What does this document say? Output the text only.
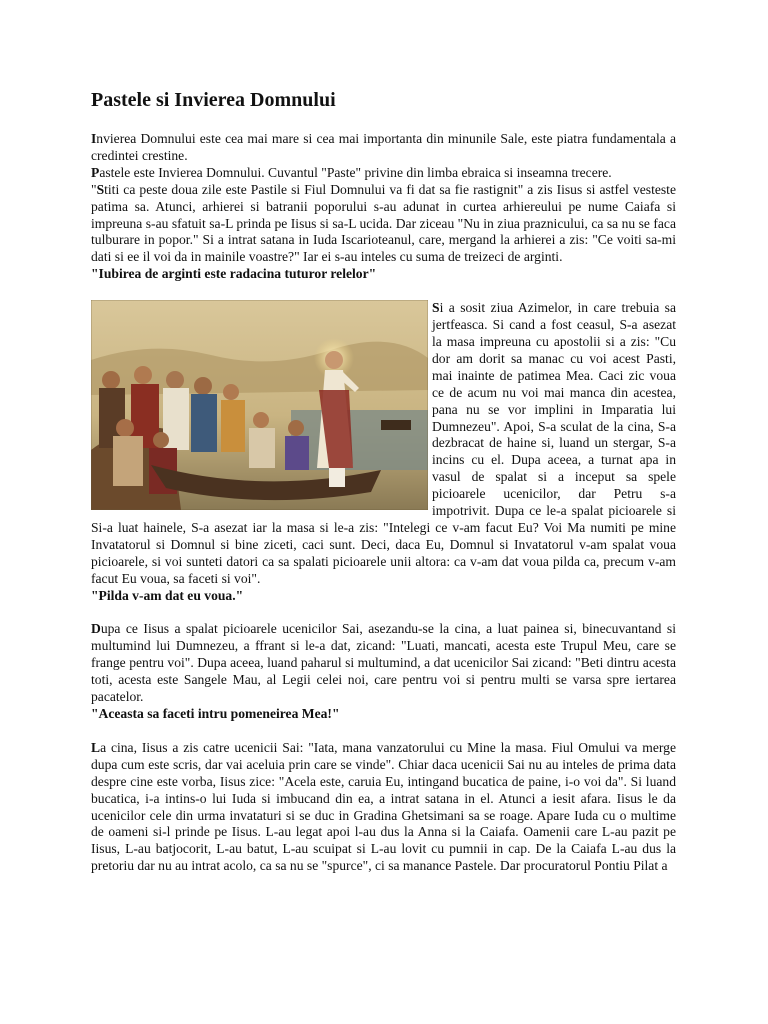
Pastele si Invierea Domnului

Invierea Domnului este cea mai mare si cea mai importanta din minunile Sale, este piatra fundamentala a credintei crestine.

Pastele este Invierea Domnului. Cuvantul "Paste" privine din limba ebraica si inseamna trecere.

"Stiti ca peste doua zile este Pastile si Fiul Domnului va fi dat sa fie rastignit" a zis Iisus si astfel vesteste patima sa. Atunci, arhierei si batranii poporului s-au adunat in curtea arhiereului pe nume Caiafa si impreuna s-au sfatuit sa-L prinda pe Iisus si sa-L ucida. Dar ziceau "Nu in ziua praznicului, ca sa nu se faca tulburare in popor." Si a intrat satana in Iuda Iscarioteanul, care, mergand la arhierei a zis: "Ce voiti sa-mi dati si ee il voi da in mainile voastre?" Iar ei s-au inteles cu suma de treizeci de arginti.

"Iubirea de arginti este radacina tuturor relelor"

Si a sosit ziua Azimelor, in care trebuia sa jertfeasca. Si cand a fost ceasul, S-a asezat la masa impreuna cu apostolii si a zis: "Cu dor am dorit sa manac cu voi acest Pasti, mai inainte de patimea Mea. Caci zic voua ce de acum nu voi mai manca din acestea, pana nu se vor implini in Imparatia lui Dumnezeu". Apoi, S-a sculat de la cina, S-a dezbracat de haine si, luand un stergar, S-a incins cu el. Dupa aceea, a turnat apa in vasul de spalat si a inceput sa spele picioarele ucenicilor, dar Petru s-a impotrivit. Dupa ce le-a spalat picioarele si Si-a luat hainele, S-a asezat iar la masa si le-a zis: "Intelegi ce v-am facut Eu? Voi Ma numiti pe mine Invatatorul si Domnul si bine ziceti, caci sunt. Deci, daca Eu, Domnul si Invatatorul v-am spalat voua picioarele, si voi sunteti datori ca sa spalati picioarele unii altora: ca v-am dat voua pilda ca, precum v-am facut Eu voua, sa faceti si voi".

"Pilda v-am dat eu voua."

Dupa ce Iisus a spalat picioarele ucenicilor Sai, asezandu-se la cina, a luat painea si, binecuvantand si multumind lui Dumnezeu, a ffrant si le-a dat, zicand: "Luati, mancati, acesta este Trupul Meu, care se frange pentru voi". Dupa aceea, luand paharul si multumind, a dat ucenicilor Sai zicand: "Beti dintru acesta toti, acesta este Sangele Mau, al Legii celei noi, care pentru voi si pentru multi se varsa spre iertarea pacatelor.

"Aceasta sa faceti intru pomeneirea Mea!"

La cina, Iisus a zis catre ucenicii Sai: "Iata, mana vanzatorului cu Mine la masa. Fiul Omului va merge dupa cum este scris, dar vai aceluia prin care se vinde". Chiar daca ucenicii Sai nu au inteles de prima data despre cine este vorba, Iisus zice: "Acela este, caruia Eu, intingand bucatica de paine, i-o voi da". Si luand bucatica, i-a intins-o lui Iuda si imbucand din ea, a intrat satana in el. Atunci a iesit afara. Iisus le da ucenicilor cele din urma invataturi si se duc in Gradina Ghetsimani sa se roage. Apare Iuda cu o multime de oameni si-l prinde pe Iisus. L-au legat apoi l-au dus la Anna si la Caiafa. Oamenii care L-au pazit pe Iisus, L-au batjocorit, L-au batut, L-au scuipat si L-au lovit cu pumnii in cap. De la Caiafa L-au dus la pretoriu dar nu au intrat acolo, ca sa nu se "spurce", ci sa manance Pastele. Dar procuratorul Pontiu Pilat a
